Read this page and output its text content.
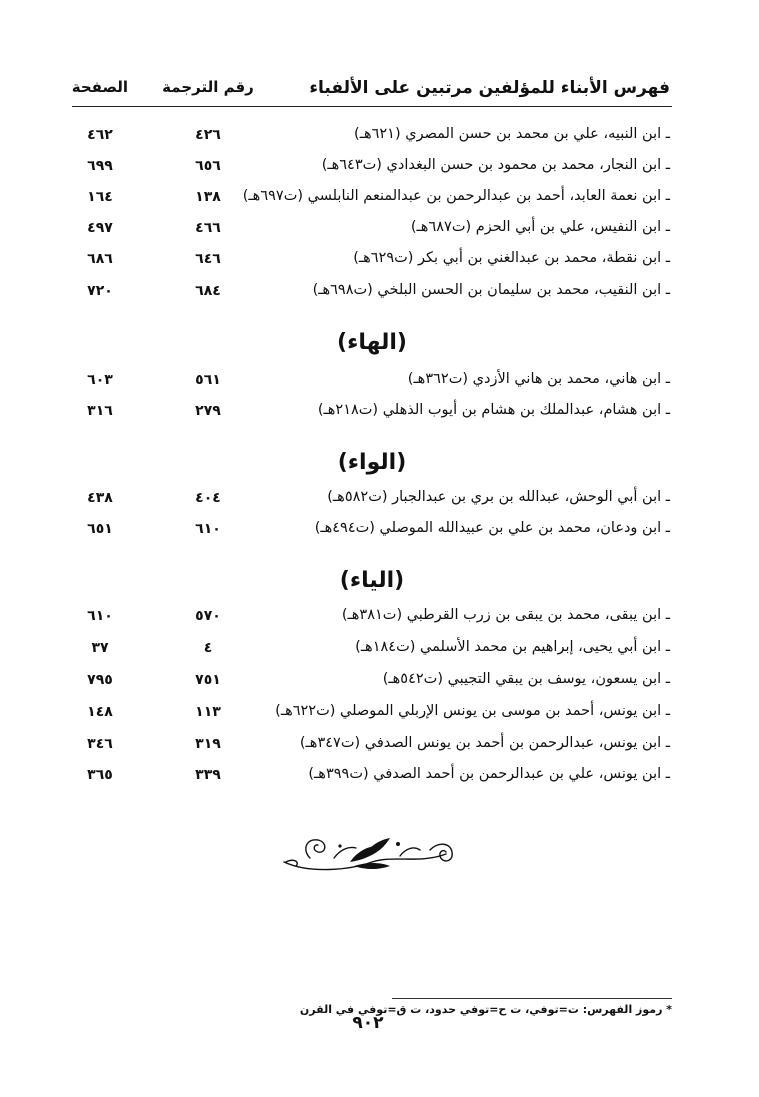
فهرس الأبناء للمؤلفين مرتبين على الألفباء
رقم الترجمة
الصفحة
ـ ابن النبيه، علي بن محمد بن حسن المصري (٦٢١هـ)
٤٢٦
٤٦٢
ـ ابن النجار، محمد بن محمود بن حسن البغدادي (ت٦٤٣هـ)
٦٥٦
٦٩٩
ـ ابن نعمة العابد، أحمد بن عبدالرحمن بن عبدالمنعم النابلسي (ت٦٩٧هـ)
١٣٨
١٦٤
ـ ابن النفيس، علي بن أبي الحزم (ت٦٨٧هـ)
٤٦٦
٤٩٧
ـ ابن نقطة، محمد بن عبدالغني بن أبي بكر (ت٦٢٩هـ)
٦٤٦
٦٨٦
ـ ابن النقيب، محمد بن سليمان بن الحسن البلخي (ت٦٩٨هـ)
٦٨٤
٧٢٠
(الهاء)
ـ ابن هاني، محمد بن هاني الأزدي (ت٣٦٢هـ)
٥٦١
٦٠٣
ـ ابن هشام، عبدالملك بن هشام بن أيوب الذهلي (ت٢١٨هـ)
٢٧٩
٣١٦
(الواء)
ـ ابن أبي الوحش، عبدالله بن بري بن عبدالجبار (ت٥٨٢هـ)
٤٠٤
٤٣٨
ـ ابن ودعان، محمد بن علي بن عبيدالله الموصلي (ت٤٩٤هـ)
٦١٠
٦٥١
(الياء)
ـ ابن يبقى، محمد بن يبقى بن زرب القرطبي (ت٣٨١هـ)
٥٧٠
٦١٠
ـ ابن أبي يحيى، إبراهيم بن محمد الأسلمي (ت١٨٤هـ)
٤
٣٧
ـ ابن يسعون، يوسف بن يبقي التجيبي (ت٥٤٢هـ)
٧٥١
٧٩٥
ـ ابن يونس، أحمد بن موسى بن يونس الإربلي الموصلي (ت٦٢٢هـ)
١١٣
١٤٨
ـ ابن يونس، عبدالرحمن بن أحمد بن يونس الصدفي (ت٣٤٧هـ)
٣١٩
٣٤٦
ـ ابن يونس، علي بن عبدالرحمن بن أحمد الصدفي (ت٣٩٩هـ)
٣٣٩
٣٦٥
* رموز الفهرس: ت=توفي، ت ح=توفي حدود، ت ق=توفي في القرن
٩٠٢
